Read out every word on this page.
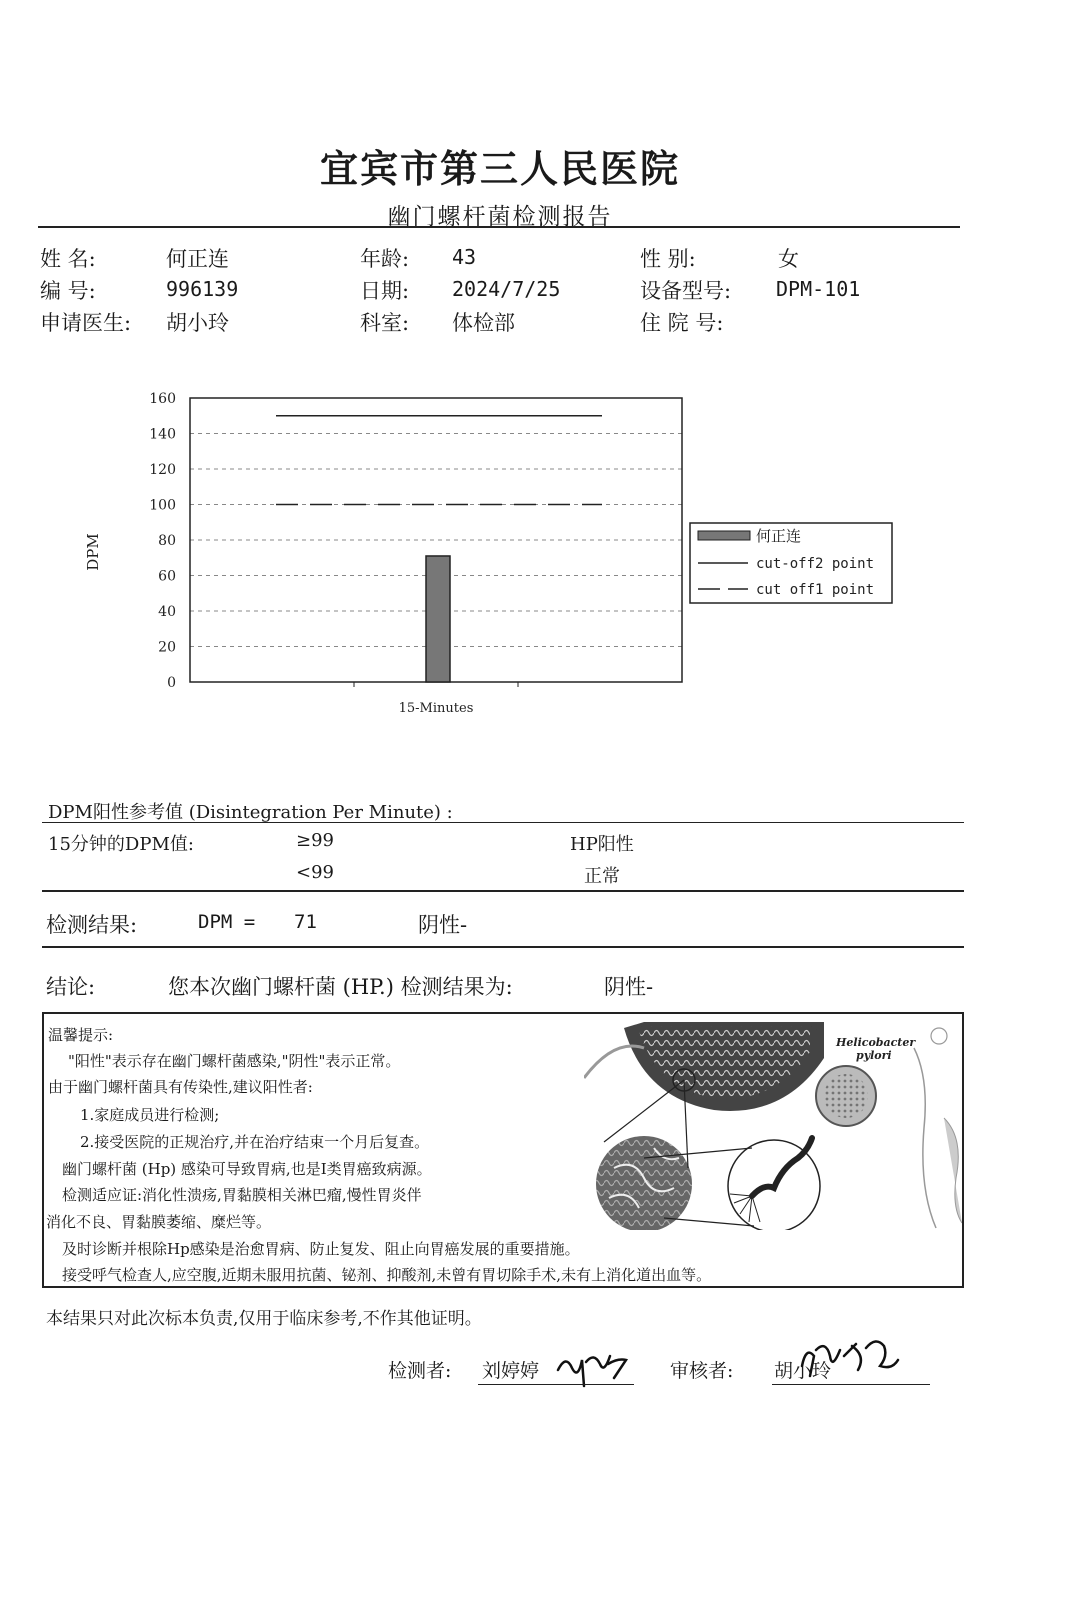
宜宾市第三人民医院
幽门螺杆菌检测报告
姓 名:	何正连	年龄: 43	性 别:	女
编 号:	996139	日期: 2024/7/25	设备型号: DPM-101
申请医生: 胡小玲	科室: 体检部	住 院 号:
0
20
40
60
80
100
120
140
160
15-Minutes
DPM	何正连
cut-off2 point
cut off1 point
DPM阳性参考值 (Disintegration Per Minute) :
15分钟的DPM值:	≥99	HP阳性
<99	正常
检测结果:	DPM = 71	阴性-
结论:	您本次幽门螺杆菌 (HP.) 检测结果为:	阴性-
温馨提示:
"阳性"表示存在幽门螺杆菌感染,"阴性"表示正常。
由于幽门螺杆菌具有传染性,建议阳性者:
1.家庭成员进行检测;
2.接受医院的正规治疗,并在治疗结束一个月后复查。
幽门螺杆菌 (Hp) 感染可导致胃病,也是Ⅰ类胃癌致病源。
检测适应证:消化性溃疡,胃黏膜相关淋巴瘤,慢性胃炎伴
消化不良、胃黏膜萎缩、糜烂等。
及时诊断并根除Hp感染是治愈胃病、防止复发、阻止向胃癌发展的重要措施。
接受呼气检查人,应空腹,近期未服用抗菌、铋剂、抑酸剂,未曾有胃切除手术,未有上消化道出血等。
Helicobacter
pylori
本结果只对此次标本负责,仅用于临床参考,不作其他证明。
检测者: 刘婷婷	审核者: 胡小玲
